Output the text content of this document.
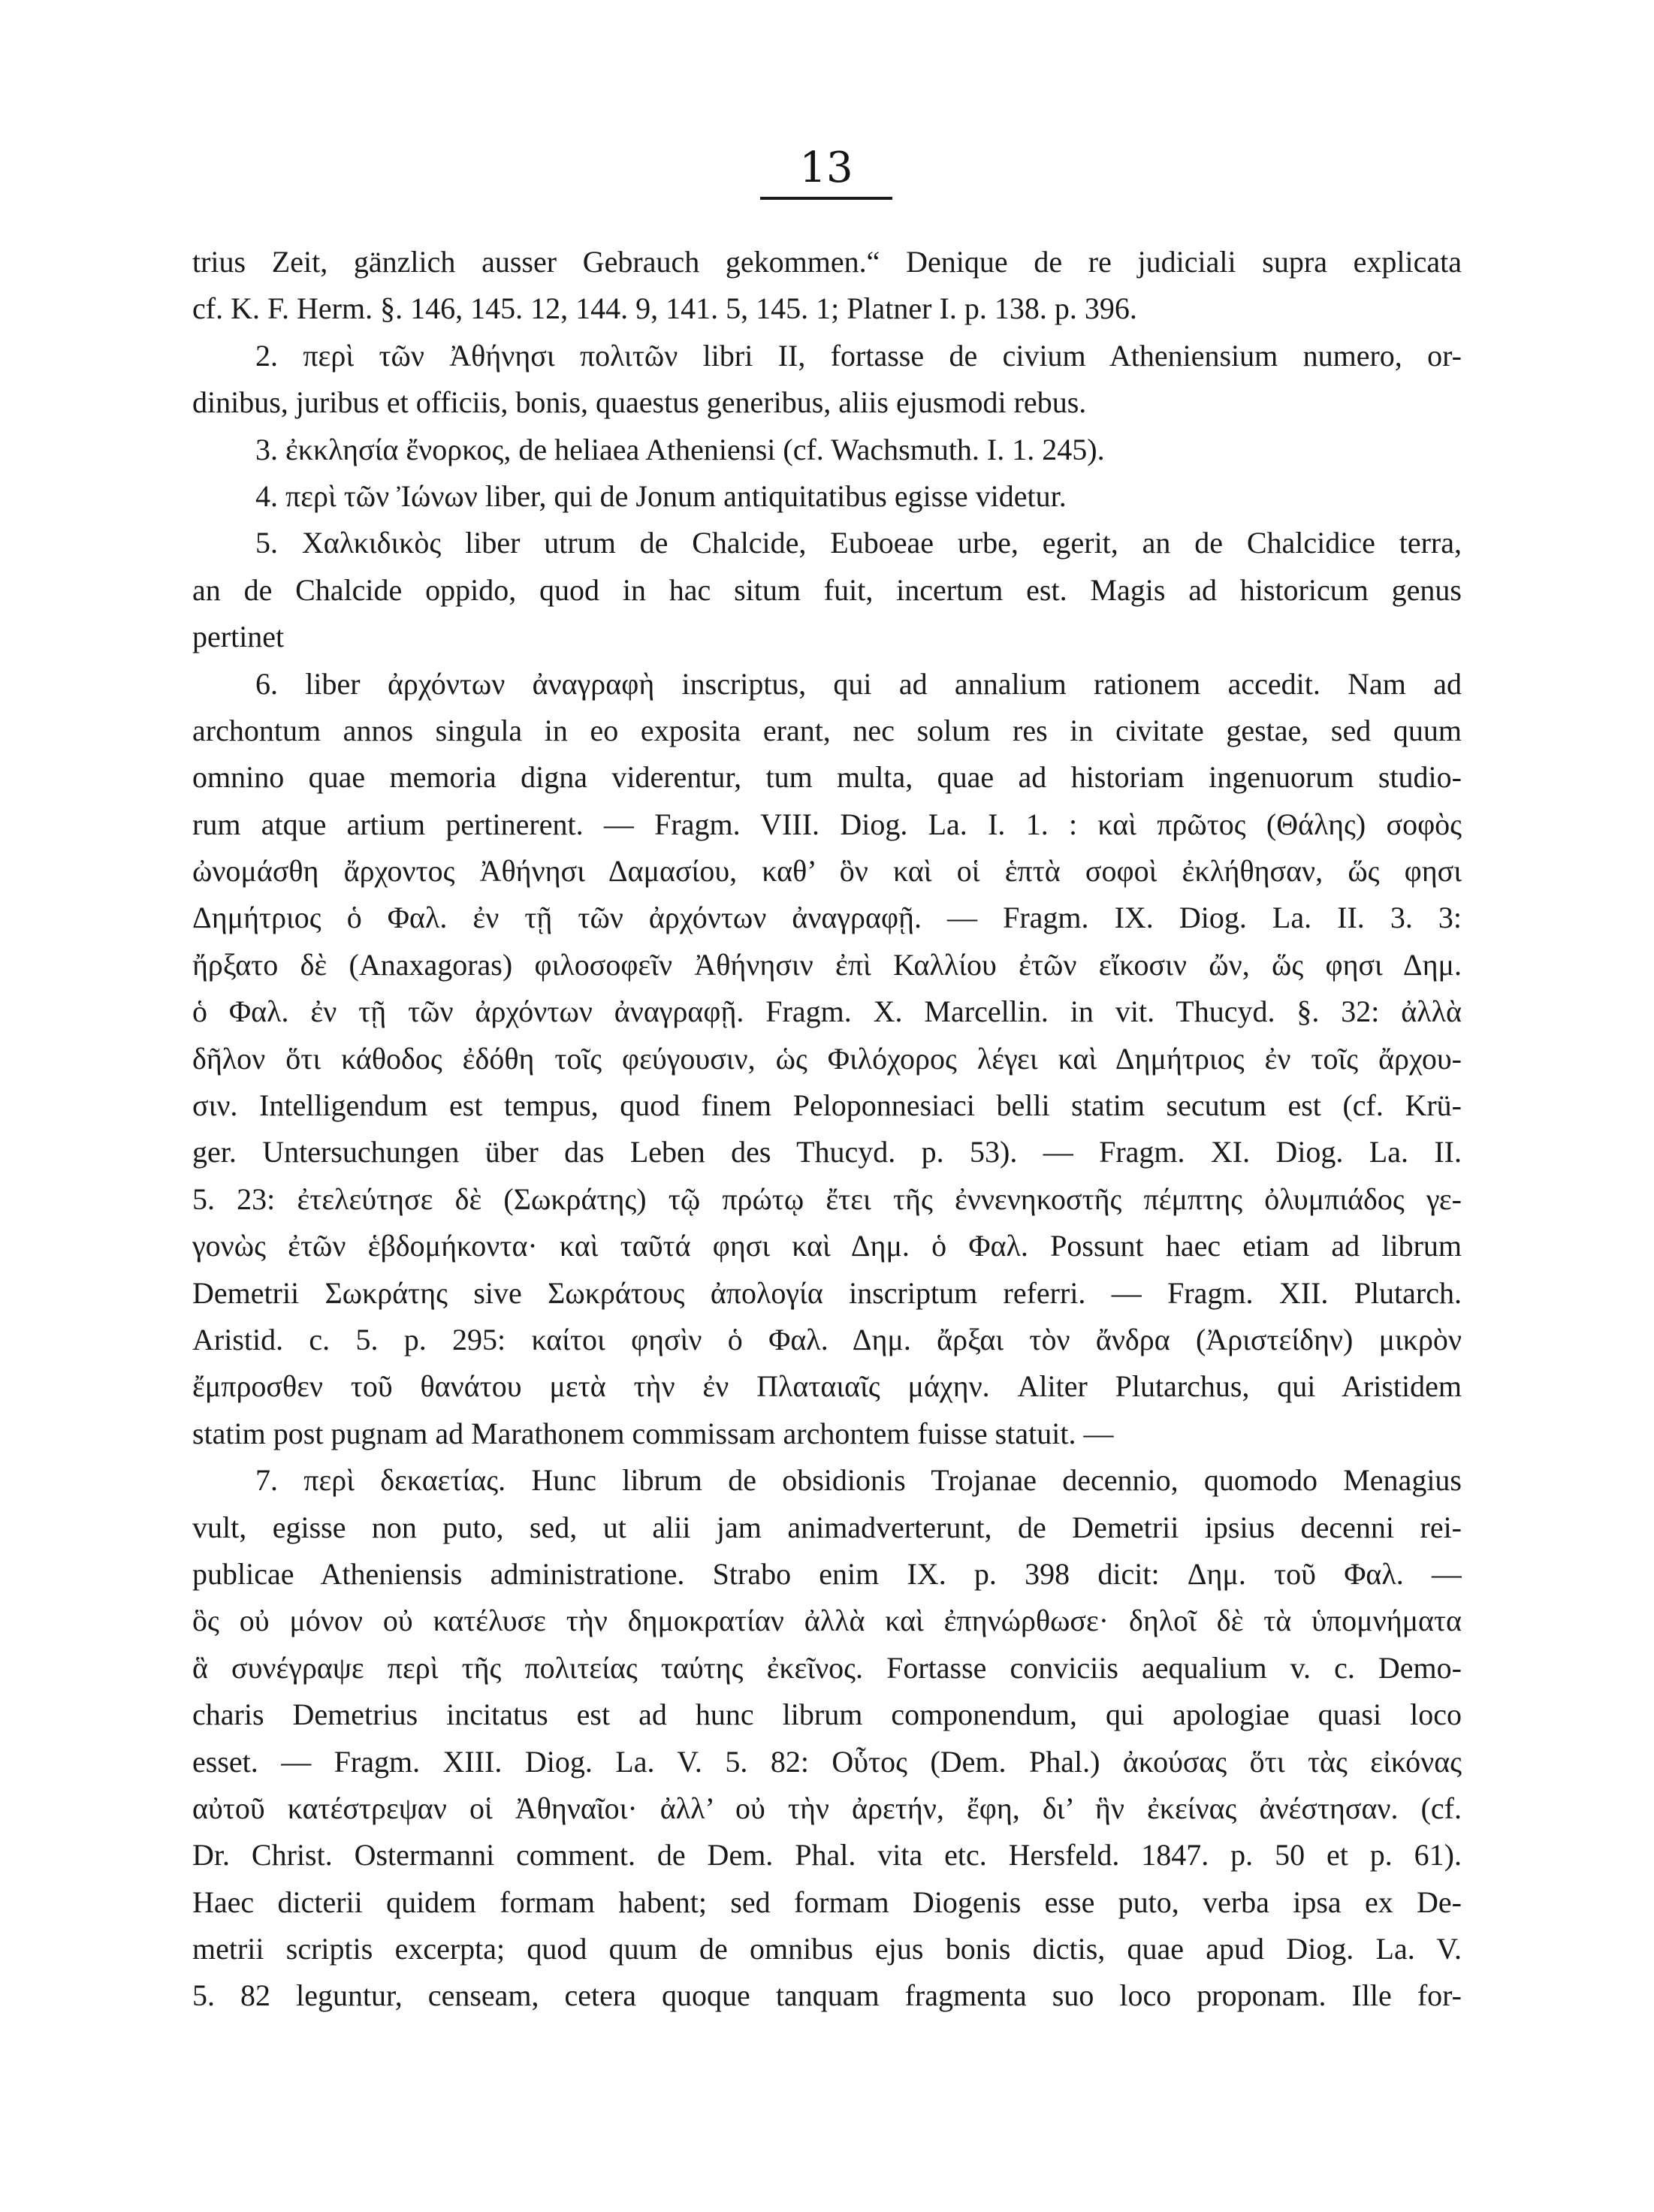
13
trius Zeit, gänzlich ausser Gebrauch gekommen.“ Denique de re judiciali supra explicata
cf. K. F. Herm. §. 146, 145. 12, 144. 9, 141. 5, 145. 1; Platner I. p. 138. p. 396.
2. περὶ τῶν Ἀθήνησι πολιτῶν libri II, fortasse de civium Atheniensium numero, or-
dinibus, juribus et officiis, bonis, quaestus generibus, aliis ejusmodi rebus.
3. ἐκκλησία ἔνορκος, de heliaea Atheniensi (cf. Wachsmuth. I. 1. 245).
4. περὶ τῶν Ἰώνων liber, qui de Jonum antiquitatibus egisse videtur.
5. Χαλκιδικὸς liber utrum de Chalcide, Euboeae urbe, egerit, an de Chalcidice terra,
an de Chalcide oppido, quod in hac situm fuit, incertum est. Magis ad historicum genus
pertinet
6. liber ἀρχόντων ἀναγραφὴ inscriptus, qui ad annalium rationem accedit. Nam ad
archontum annos singula in eo exposita erant, nec solum res in civitate gestae, sed quum
omnino quae memoria digna viderentur, tum multa, quae ad historiam ingenuorum studio-
rum atque artium pertinerent. — Fragm. VIII. Diog. La. I. 1. : καὶ πρῶτος (Θάλης) σοφὸς
ὠνομάσθη ἄρχοντος Ἀθήνησι Δαμασίου, καθ’ ὃν καὶ οἱ ἑπτὰ σοφοὶ ἐκλήθησαν, ὥς φησι
Δημήτριος ὁ Φαλ. ἐν τῇ τῶν ἀρχόντων ἀναγραφῇ. — Fragm. IX. Diog. La. II. 3. 3:
ἤρξατο δὲ (Anaxagoras) φιλοσοφεῖν Ἀθήνησιν ἐπὶ Καλλίου ἐτῶν εἴκοσιν ὤν, ὥς φησι Δημ.
ὁ Φαλ. ἐν τῇ τῶν ἀρχόντων ἀναγραφῇ. Fragm. X. Marcellin. in vit. Thucyd. §. 32: ἀλλὰ
δῆλον ὅτι κάθοδος ἐδόθη τοῖς φεύγουσιν, ὡς Φιλόχορος λέγει καὶ Δημήτριος ἐν τοῖς ἄρχου-
σιν. Intelligendum est tempus, quod finem Peloponnesiaci belli statim secutum est (cf. Krü-
ger. Untersuchungen über das Leben des Thucyd. p. 53). — Fragm. XI. Diog. La. II.
5. 23: ἐτελεύτησε δὲ (Σωκράτης) τῷ πρώτῳ ἔτει τῆς ἐννενηκοστῆς πέμπτης ὀλυμπιάδος γε-
γονὼς ἐτῶν ἑβδομήκοντα· καὶ ταῦτά φησι καὶ Δημ. ὁ Φαλ. Possunt haec etiam ad librum
Demetrii Σωκράτης sive Σωκράτους ἀπολογία inscriptum referri. — Fragm. XII. Plutarch.
Aristid. c. 5. p. 295: καίτοι φησὶν ὁ Φαλ. Δημ. ἄρξαι τὸν ἄνδρα (Ἀριστείδην) μικρὸν
ἔμπροσθεν τοῦ θανάτου μετὰ τὴν ἐν Πλαταιαῖς μάχην. Aliter Plutarchus, qui Aristidem
statim post pugnam ad Marathonem commissam archontem fuisse statuit. —
7. περὶ δεκαετίας. Hunc librum de obsidionis Trojanae decennio, quomodo Menagius
vult, egisse non puto, sed, ut alii jam animadverterunt, de Demetrii ipsius decenni rei-
publicae Atheniensis administratione. Strabo enim IX. p. 398 dicit: Δημ. τοῦ Φαλ. —
ὃς οὐ μόνον οὐ κατέλυσε τὴν δημοκρατίαν ἀλλὰ καὶ ἐπηνώρθωσε· δηλοῖ δὲ τὰ ὑπομνήματα
ἃ συνέγραψε περὶ τῆς πολιτείας ταύτης ἐκεῖνος. Fortasse conviciis aequalium v. c. Demo-
charis Demetrius incitatus est ad hunc librum componendum, qui apologiae quasi loco
esset. — Fragm. XIII. Diog. La. V. 5. 82: Οὗτος (Dem. Phal.) ἀκούσας ὅτι τὰς εἰκόνας
αὐτοῦ κατέστρεψαν οἱ Ἀθηναῖοι· ἀλλ’ οὐ τὴν ἀρετήν, ἔφη, δι’ ἣν ἐκείνας ἀνέστησαν. (cf.
Dr. Christ. Ostermanni comment. de Dem. Phal. vita etc. Hersfeld. 1847. p. 50 et p. 61).
Haec dicterii quidem formam habent; sed formam Diogenis esse puto, verba ipsa ex De-
metrii scriptis excerpta; quod quum de omnibus ejus bonis dictis, quae apud Diog. La. V.
5. 82 leguntur, censeam, cetera quoque tanquam fragmenta suo loco proponam. Ille for-
